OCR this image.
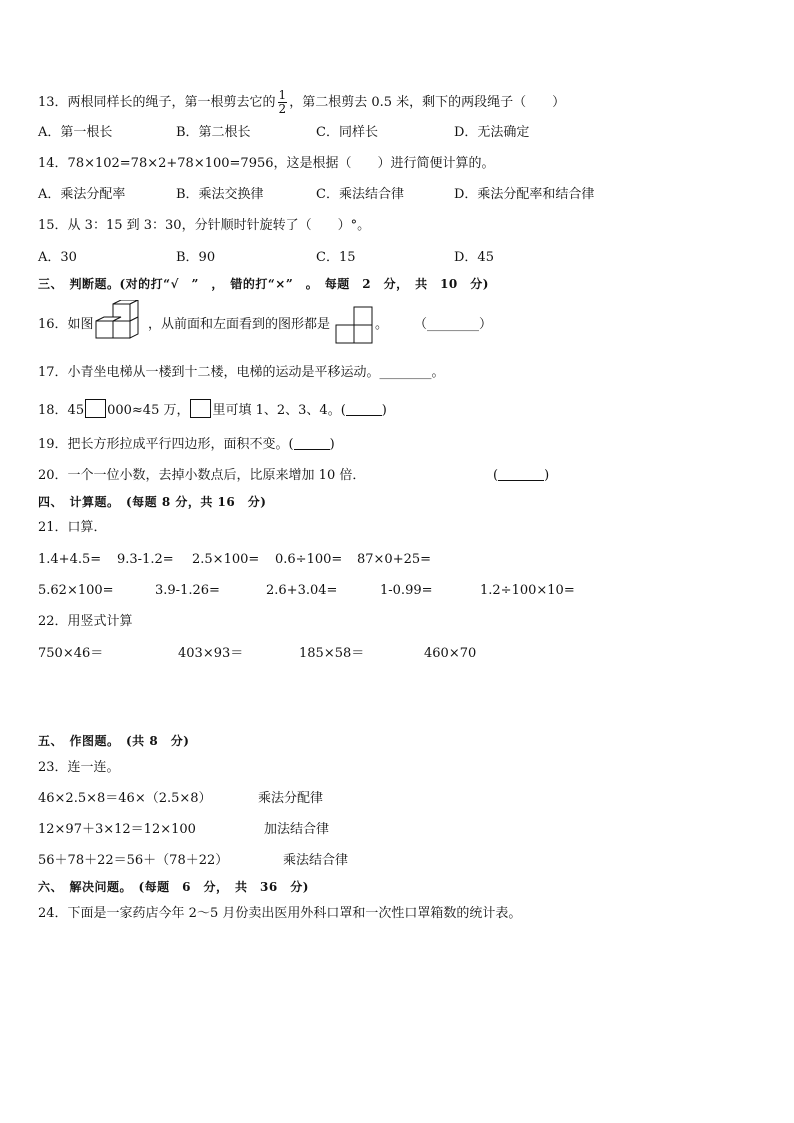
13．两根同样长的绳子，第一根剪去它的 $\frac{1}{2}$ ，第二根剪去 0.5 米，剩下的两段绳子（　　）
A．第一根长	B．第二根长	C．同样长	D．无法确定
14．78×102=78×2+78×100=7956，这是根据（　　）进行简便计算的。
A．乘法分配率	B．乘法交换律	C．乘法结合律	D．乘法分配率和结合律
15．从 3：15 到 3：30，分针顺时针旋转了（　　）°。
A．30	B．90	C．15	D．45
三、　判断题。(对的打“√　”　，　错的打“×”　。　每题　2　分，　共　10　分)
16．如图	，从前面和左面看到的图形都是	。 （________）
17．小青坐电梯从一楼到十二楼，电梯的运动是平移运动。________。
18．45 000≈45 万， 里可填 1、2、3、4。(	)
19．把长方形拉成平行四边形，面积不变。(	)
20．一个一位小数，去掉小数点后，比原来增加 10 倍．	(	)
四、　计算题。　(每题 8 分，共 16　分)
21．口算．
1.4+4.5= 9.3-1.2= 2.5×100= 0.6÷100= 87×0+25=
5.62×100=	3.9-1.26=	2.6+3.04=	1-0.99=	1.2÷100×10=
22．用竖式计算
750×46＝	403×93＝	185×58＝	460×70
五、　作图题。　(共 8　分)
23．连一连。
46×2.5×8＝46×（2.5×8）	乘法分配律
12×97＋3×12＝12×100	加法结合律
56＋78＋22＝56＋（78＋22）	乘法结合律
六、　解决问题。　(每题　6　分，　共　36　分)
24．下面是一家药店今年 2～5 月份卖出医用外科口罩和一次性口罩箱数的统计表。
